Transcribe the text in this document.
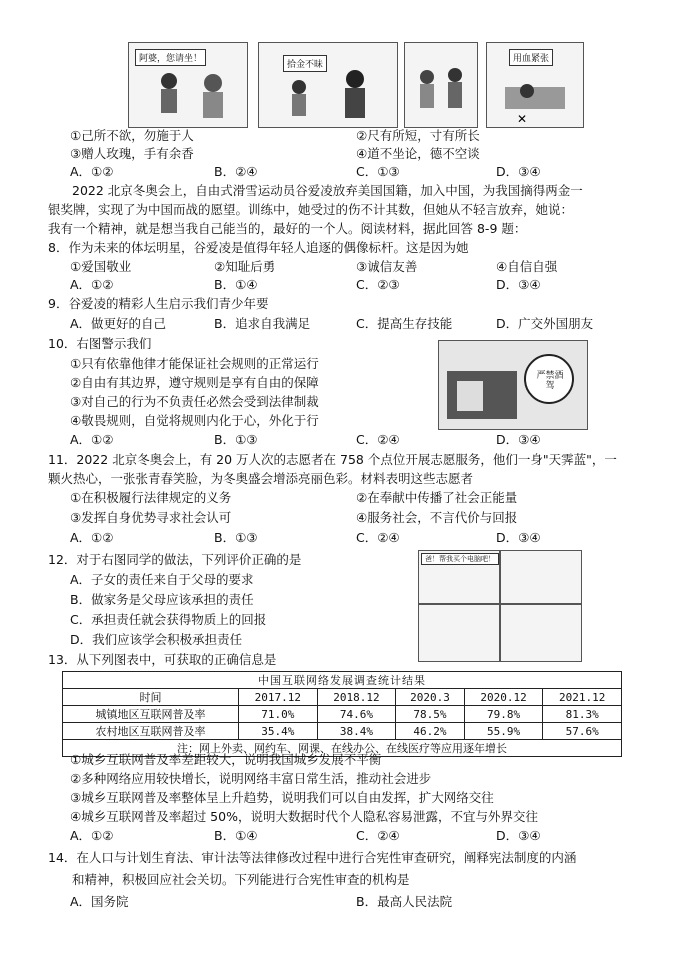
阿婆，您请坐！
拾金不昧
用血紧张
✕
①己所不欲，勿施于人	②尺有所短，寸有所长
③赠人玫瑰，手有余香	④道不坐论，德不空谈
A．①②	B．②④	C．①③	D．③④
2022 北京冬奥会上，自由式滑雪运动员谷爱凌放弃美国国籍，加入中国，为我国摘得两金一
银奖牌，实现了为中国而战的愿望。训练中，她受过的伤不计其数，但她从不轻言放弃，她说：
我有一个精神，就是想当我自己能当的，最好的一个人。阅读材料，据此回答 8-9 题：
8．作为未来的体坛明星，谷爱凌是值得年轻人追逐的偶像标杆。这是因为她
①爱国敬业	②知耻后勇	③诚信友善	④自信自强
A．①②	B．①④	C．②③	D．③④
9．谷爱凌的精彩人生启示我们青少年要
A．做更好的自己	B．追求自我满足	C．提高生存技能	D．广交外国朋友
10．右图警示我们
①只有依靠他律才能保证社会规则的正常运行
②自由有其边界，遵守规则是享有自由的保障
③对自己的行为不负责任必然会受到法律制裁
④敬畏规则，自觉将规则内化于心，外化于行
A．①②	B．①③	C．②④	D．③④
严禁酒驾
11．2022 北京冬奥会上，有 20 万人次的志愿者在 758 个点位开展志愿服务，他们一身"天霁蓝"，一
颗火热心，一张张青春笑脸，为冬奥盛会增添亮丽色彩。材料表明这些志愿者
①在积极履行法律规定的义务	②在奉献中传播了社会正能量
③发挥自身优势寻求社会认可	④服务社会，不言代价与回报
A．①②	B．①③	C．②④	D．③④
12．对于右图同学的做法，下列评价正确的是
A．子女的责任来自于父母的要求
B．做家务是父母应该承担的责任
C．承担责任就会获得物质上的回报
D．我们应该学会积极承担责任
爸！帮我买个电脑吧！
13．从下列图表中，可获取的正确信息是
中国互联网络发展调查统计结果					
时间	2017.12	2018.12	2020.3	2020.12	2021.12
城镇地区互联网普及率	71.0%	74.6%	78.5%	79.8%	81.3%
农村地区互联网普及率	35.4%	38.4%	46.2%	55.9%	57.6%
注：网上外卖、网约车、网课、在线办公、在线医疗等应用逐年增长					
①城乡互联网普及率差距较大，说明我国城乡发展不平衡
②多种网络应用较快增长，说明网络丰富日常生活，推动社会进步
③城乡互联网普及率整体呈上升趋势，说明我们可以自由发挥，扩大网络交往
④城乡互联网普及率超过 50%，说明大数据时代个人隐私容易泄露，不宜与外界交往
A．①②	B．①④	C．②④	D．③④
14．在人口与计划生育法、审计法等法律修改过程中进行合宪性审查研究，阐释宪法制度的内涵
和精神，积极回应社会关切。下列能进行合宪性审查的机构是
A．国务院	B．最高人民法院
